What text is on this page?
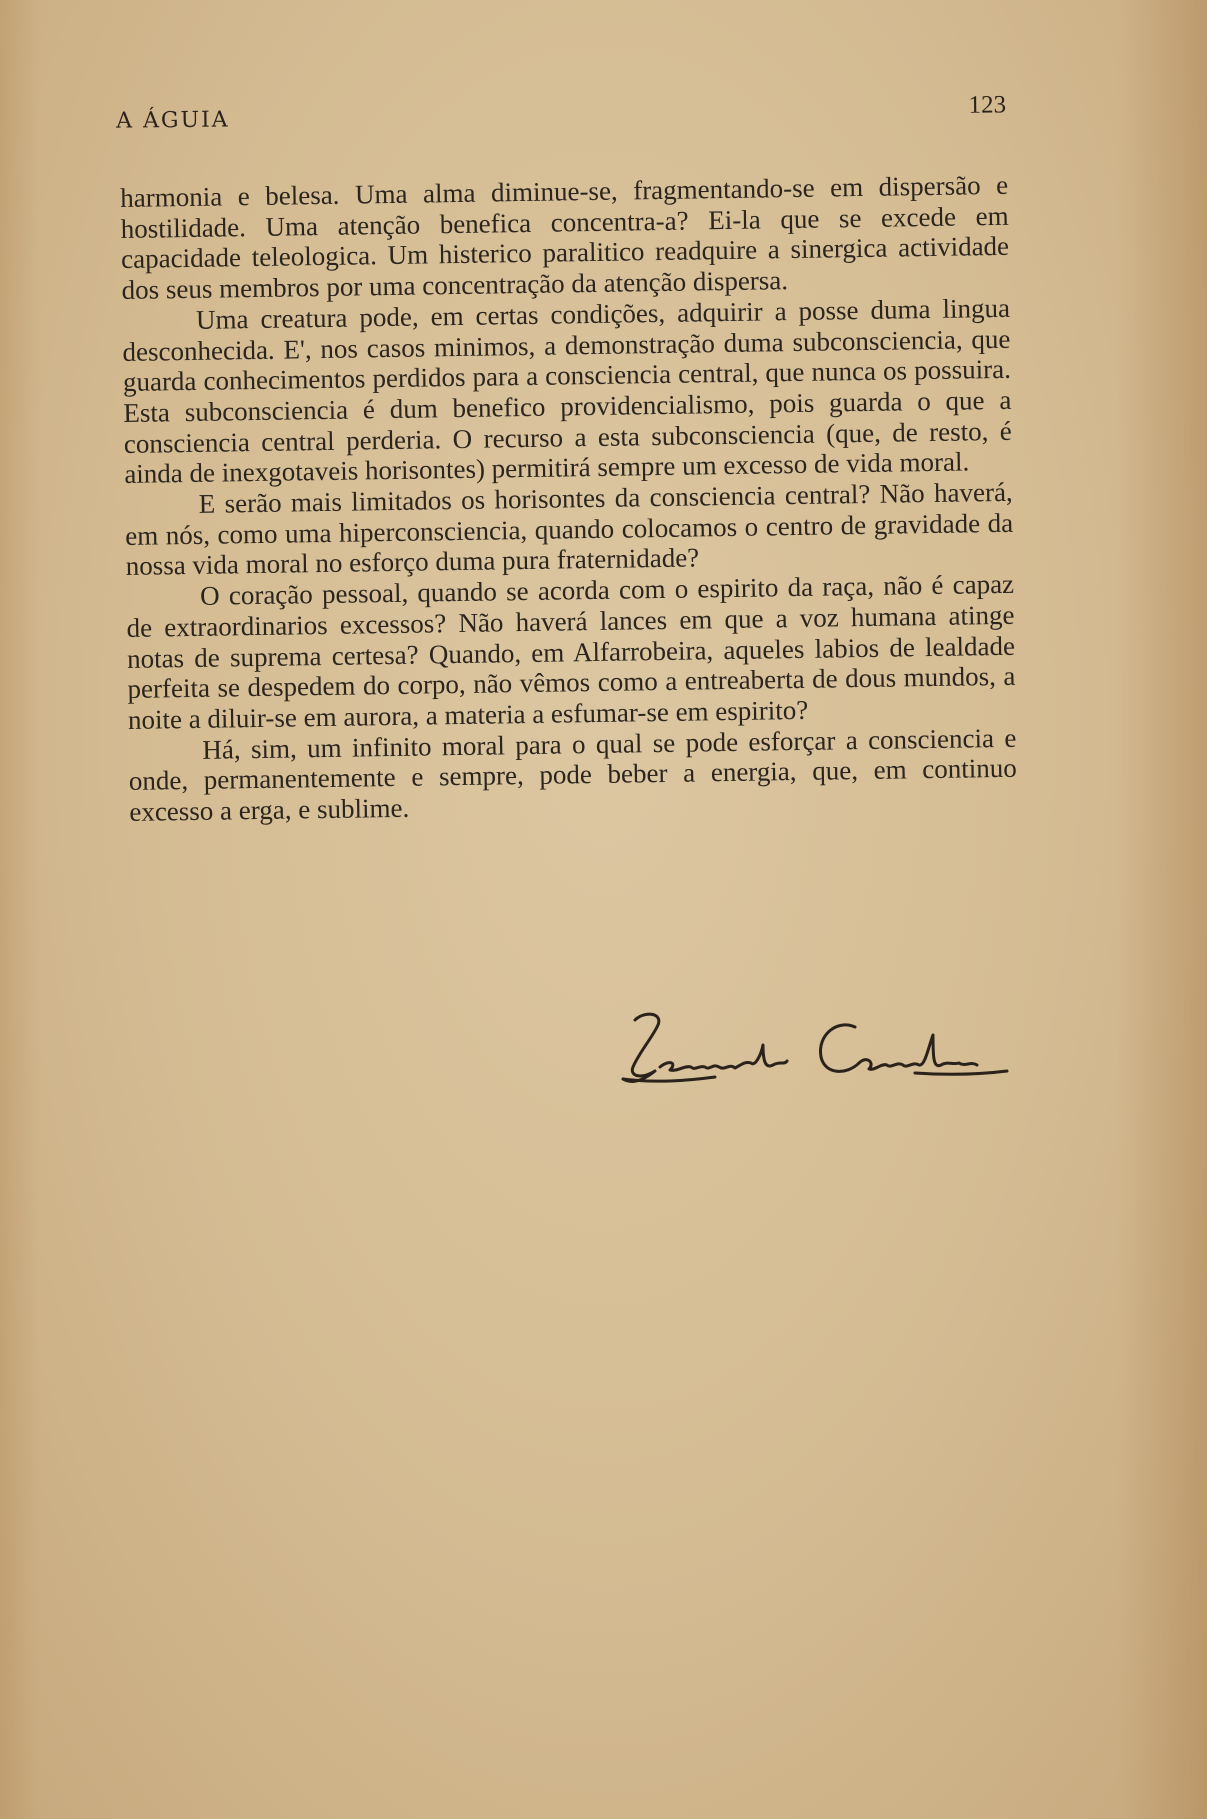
A ÁGUIA
123

harmonia e belesa. Uma alma diminue-se, fragmentando-se em dispersão e hostilidade. Uma atenção benefica concentra-a? Ei-la que se excede em capacidade teleologica. Um histerico paralitico readquire a sinergica actividade dos seus membros por uma concentração da atenção dispersa.

Uma creatura pode, em certas condições, adquirir a posse duma lingua desconhecida. E', nos casos minimos, a demonstração duma subconsciencia, que guarda conhecimentos perdidos para a consciencia central, que nunca os possuira. Esta subconsciencia é dum benefico providencialismo, pois guarda o que a consciencia central perderia. O recurso a esta subconsciencia (que, de resto, é ainda de inexgotaveis horisontes) permitirá sempre um excesso de vida moral.

E serão mais limitados os horisontes da consciencia central? Não haverá, em nós, como uma hiperconsciencia, quando colocamos o centro de gravidade da nossa vida moral no esforço duma pura fraternidade?

O coração pessoal, quando se acorda com o espirito da raça, não é capaz de extraordinarios excessos? Não haverá lances em que a voz humana atinge notas de suprema certesa? Quando, em Alfarrobeira, aqueles labios de lealdade perfeita se despedem do corpo, não vêmos como a entreaberta de dous mundos, a noite a diluir-se em aurora, a materia a esfumar-se em espirito?

Há, sim, um infinito moral para o qual se pode esforçar a consciencia e onde, permanentemente e sempre, pode beber a energia, que, em continuo excesso a erga, e sublime.
